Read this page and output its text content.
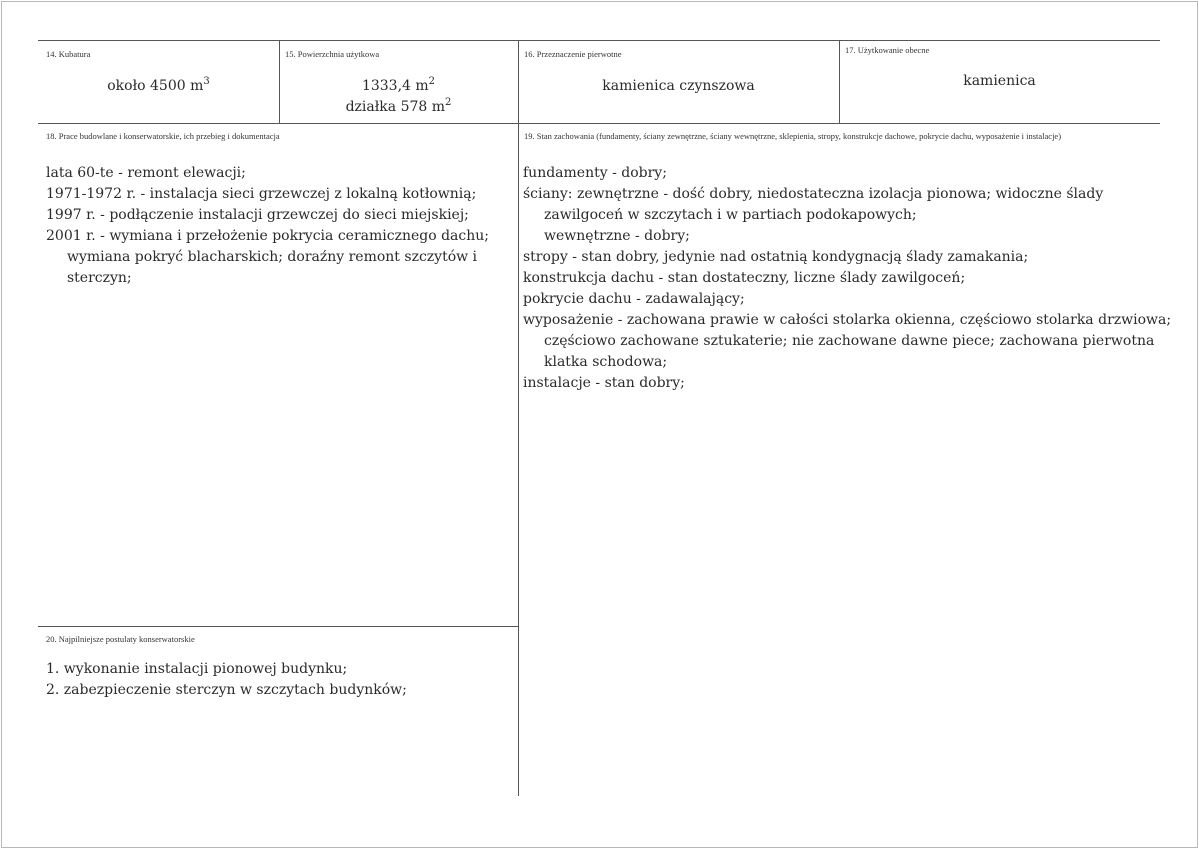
14. Kubatura
około 4500 $m^3$
15. Powierzchnia użytkowa
1333,4 $m^2$
działka 578 $m^2$
16. Przeznaczenie pierwotne
kamienica czynszowa
17. Użytkowanie obecne
kamienica
18. Prace budowlane i konserwatorskie, ich przebieg i dokumentacja
lata 60-te - remont elewacji;
1971-1972 r. - instalacja sieci grzewczej z lokalną kotłownią;
1997 r. - podłączenie instalacji grzewczej do sieci miejskiej;
2001 r. - wymiana i przełożenie pokrycia ceramicznego dachu;
wymiana pokryć blacharskich; doraźny remont szczytów i
sterczyn;
19. Stan zachowania (fundamenty, ściany zewnętrzne, ściany wewnętrzne, sklepienia, stropy, konstrukcje dachowe, pokrycie dachu, wyposażenie i instalacje)
fundamenty - dobry;
ściany: zewnętrzne - dość dobry, niedostateczna izolacja pionowa; widoczne ślady
zawilgoceń w szczytach i w partiach podokapowych;
wewnętrzne - dobry;
stropy - stan dobry, jedynie nad ostatnią kondygnacją ślady zamakania;
konstrukcja dachu - stan dostateczny, liczne ślady zawilgoceń;
pokrycie dachu - zadawalający;
wyposażenie - zachowana prawie w całości stolarka okienna, częściowo stolarka drzwiowa;
częściowo zachowane sztukaterie; nie zachowane dawne piece; zachowana pierwotna
klatka schodowa;
instalacje - stan dobry;
20. Najpilniejsze postulaty konserwatorskie
1. wykonanie instalacji pionowej budynku;
2. zabezpieczenie sterczyn w szczytach budynków;
